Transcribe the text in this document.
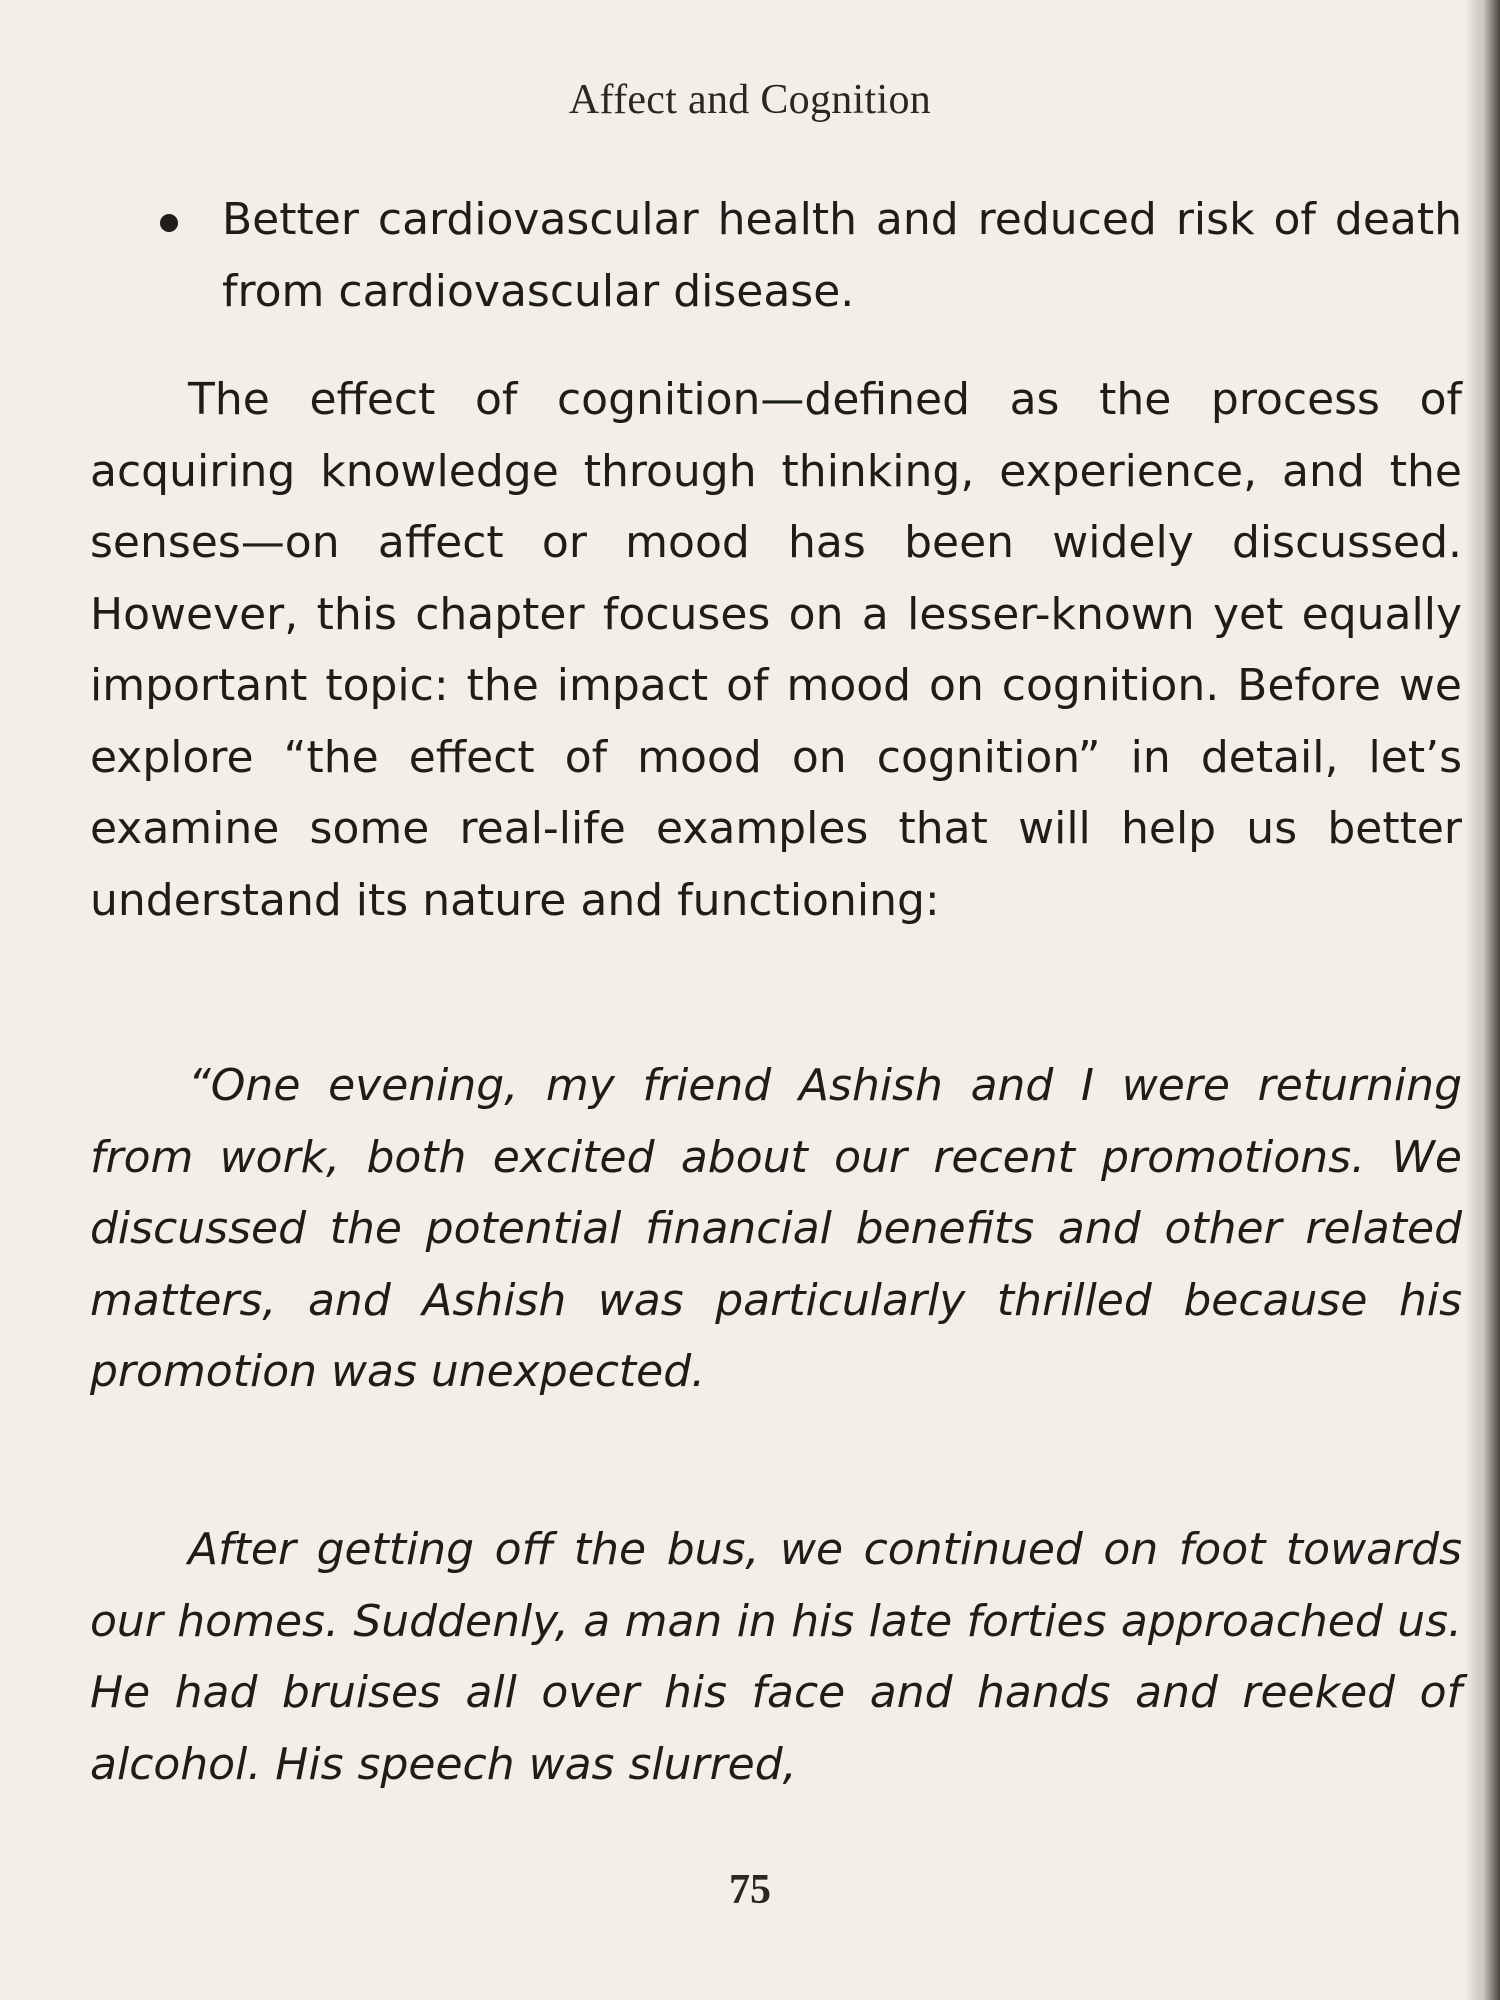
Affect and Cognition
Better cardiovascular health and reduced risk of death from cardiovascular disease.

The effect of cognition—defined as the process of acquiring knowledge through thinking, experience, and the senses—on affect or mood has been widely discussed. However, this chapter focuses on a lesser-known yet equally important topic: the impact of mood on cognition. Before we explore “the effect of mood on cognition” in detail, let’s examine some real-life examples that will help us better understand its nature and functioning:

“One evening, my friend Ashish and I were returning from work, both excited about our recent promotions. We discussed the potential financial benefits and other related matters, and Ashish was particularly thrilled because his promotion was unexpected.

After getting off the bus, we continued on foot towards our homes. Suddenly, a man in his late forties approached us. He had bruises all over his face and hands and reeked of alcohol. His speech was slurred,

75
